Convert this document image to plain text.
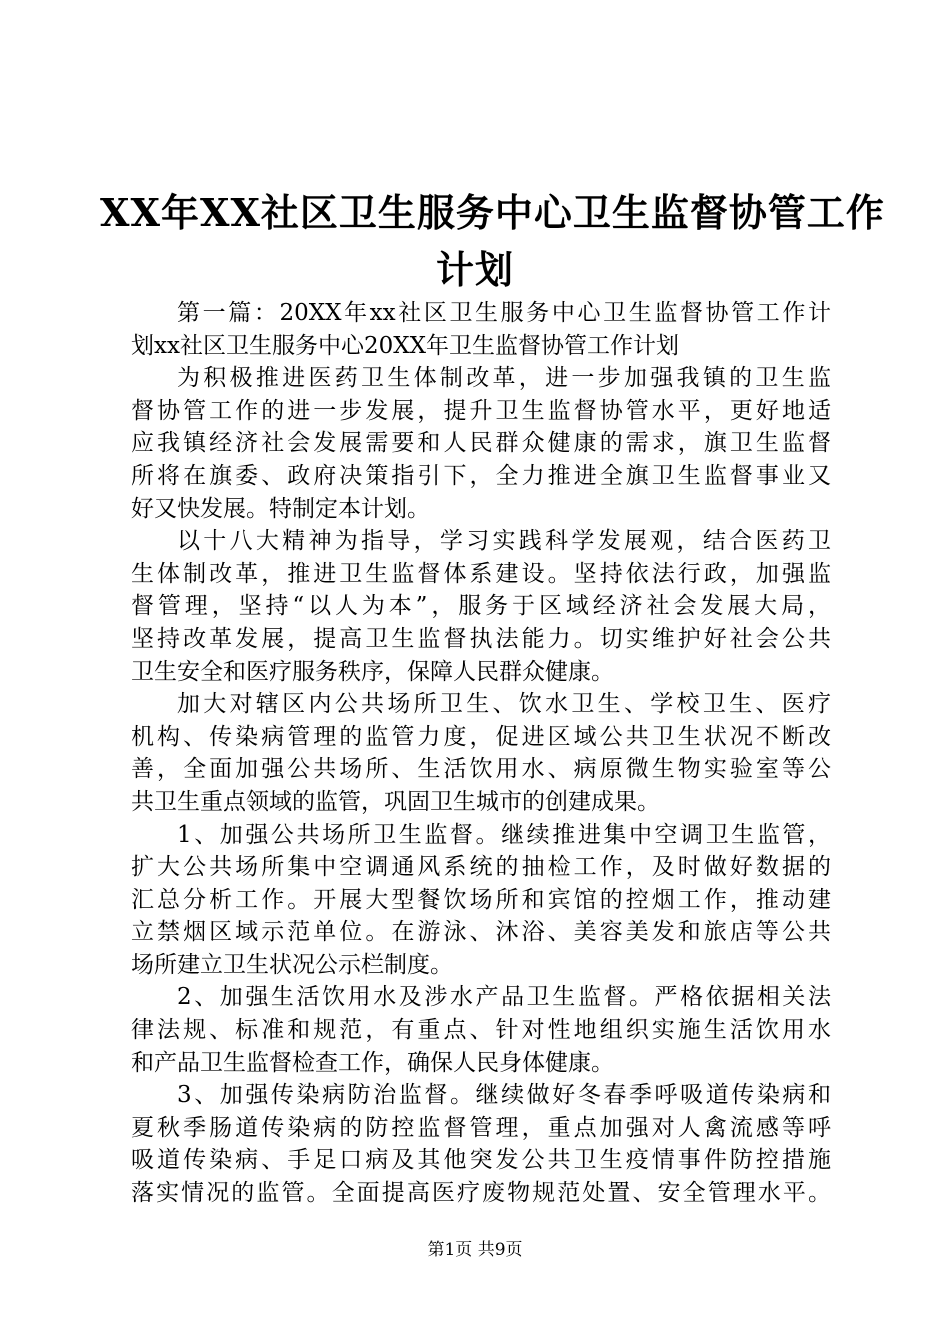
XX年XX社区卫生服务中心卫生监督协管工作
计划
第一篇：20XX年xx社区卫生服务中心卫生监督协管工作计
划xx社区卫生服务中心20XX年卫生监督协管工作计划
为积极推进医药卫生体制改革，进一步加强我镇的卫生监
督协管工作的进一步发展，提升卫生监督协管水平，更好地适
应我镇经济社会发展需要和人民群众健康的需求，旗卫生监督
所将在旗委、政府决策指引下，全力推进全旗卫生监督事业又
好又快发展。特制定本计划。
以十八大精神为指导，学习实践科学发展观，结合医药卫
生体制改革，推进卫生监督体系建设。坚持依法行政，加强监
督管理，坚持“以人为本”，服务于区域经济社会发展大局，
坚持改革发展，提高卫生监督执法能力。切实维护好社会公共
卫生安全和医疗服务秩序，保障人民群众健康。
加大对辖区内公共场所卫生、饮水卫生、学校卫生、医疗
机构、传染病管理的监管力度，促进区域公共卫生状况不断改
善，全面加强公共场所、生活饮用水、病原微生物实验室等公
共卫生重点领域的监管，巩固卫生城市的创建成果。
1、加强公共场所卫生监督。继续推进集中空调卫生监管，
扩大公共场所集中空调通风系统的抽检工作，及时做好数据的
汇总分析工作。开展大型餐饮场所和宾馆的控烟工作，推动建
立禁烟区域示范单位。在游泳、沐浴、美容美发和旅店等公共
场所建立卫生状况公示栏制度。
2、加强生活饮用水及涉水产品卫生监督。严格依据相关法
律法规、标准和规范，有重点、针对性地组织实施生活饮用水
和产品卫生监督检查工作，确保人民身体健康。
3、加强传染病防治监督。继续做好冬春季呼吸道传染病和
夏秋季肠道传染病的防控监督管理，重点加强对人禽流感等呼
吸道传染病、手足口病及其他突发公共卫生疫情事件防控措施
落实情况的监管。全面提高医疗废物规范处置、安全管理水平。
第1页 共9页
